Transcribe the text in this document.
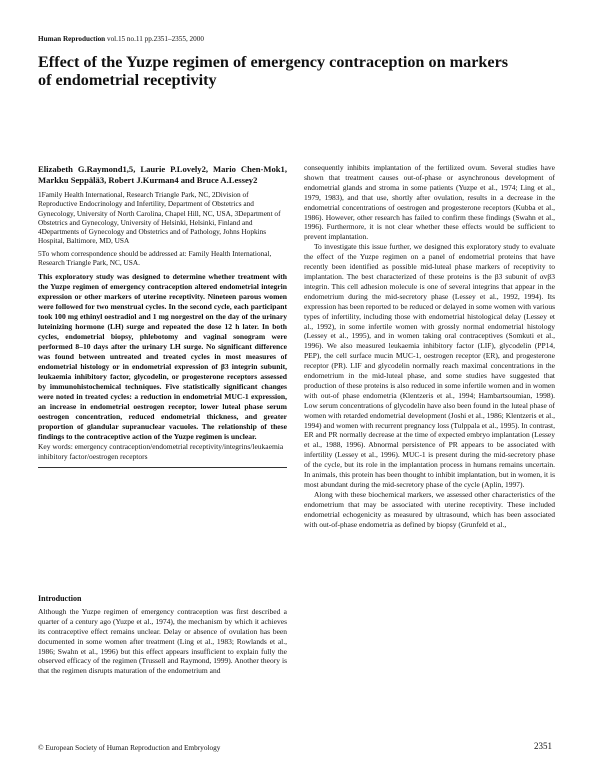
Human Reproduction vol.15 no.11 pp.2351–2355, 2000
Effect of the Yuzpe regimen of emergency contraception on markers of endometrial receptivity
Elizabeth G.Raymond1,5, Laurie P.Lovely2, Mario Chen-Mok1, Markku Seppälä3, Robert J.Kurman4 and Bruce A.Lessey2
1Family Health International, Research Triangle Park, NC, 2Division of Reproductive Endocrinology and Infertility, Department of Obstetrics and Gynecology, University of North Carolina, Chapel Hill, NC, USA, 3Department of Obstetrics and Gynecology, University of Helsinki, Helsinki, Finland and 4Departments of Gynecology and Obstetrics and of Pathology, Johns Hopkins Hospital, Baltimore, MD, USA
5To whom correspondence should be addressed at: Family Health International, Research Triangle Park, NC, USA.
This exploratory study was designed to determine whether treatment with the Yuzpe regimen of emergency contraception altered endometrial integrin expression or other markers of uterine receptivity. Nineteen parous women were followed for two menstrual cycles. In the second cycle, each participant took 100 mg ethinyl oestradiol and 1 mg norgestrel on the day of the urinary luteinizing hormone (LH) surge and repeated the dose 12 h later. In both cycles, endometrial biopsy, phlebotomy and vaginal sonogram were performed 8–10 days after the urinary LH surge. No significant difference was found between untreated and treated cycles in most measures of endometrial histology or in endometrial expression of β3 integrin subunit, leukaemia inhibitory factor, glycodelin, or progesterone receptors assessed by immunohistochemical techniques. Five statistically significant changes were noted in treated cycles: a reduction in endometrial MUC-1 expression, an increase in endometrial oestrogen receptor, lower luteal phase serum oestrogen concentration, reduced endometrial thickness, and greater proportion of glandular supranuclear vacuoles. The relationship of these findings to the contraceptive action of the Yuzpe regimen is unclear.
Key words: emergency contraception/endometrial receptivity/integrins/leukaemia inhibitory factor/oestrogen receptors
Introduction

Although the Yuzpe regimen of emergency contraception was first described a quarter of a century ago (Yuzpe et al., 1974), the mechanism by which it achieves its contraceptive effect remains unclear. Delay or absence of ovulation has been documented in some women after treatment (Ling et al., 1983; Rowlands et al., 1986; Swahn et al., 1996) but this effect appears insufficient to explain fully the observed efficacy of the regimen (Trussell and Raymond, 1999). Another theory is that the regimen disrupts maturation of the endometrium and

consequently inhibits implantation of the fertilized ovum. Several studies have shown that treatment causes out-of-phase or asynchronous development of endometrial glands and stroma in some patients (Yuzpe et al., 1974; Ling et al., 1979, 1983), and that use, shortly after ovulation, results in a decrease in the endometrial concentrations of oestrogen and progesterone receptors (Kubba et al., 1986). However, other research has failed to confirm these findings (Swahn et al., 1996). Furthermore, it is not clear whether these effects would be sufficient to prevent implantation.

To investigate this issue further, we designed this exploratory study to evaluate the effect of the Yuzpe regimen on a panel of endometrial proteins that have recently been identified as possible mid-luteal phase markers of receptivity to implantation. The best characterized of these proteins is the β3 subunit of αvβ3 integrin. This cell adhesion molecule is one of several integrins that appear in the endometrium during the mid-secretory phase (Lessey et al., 1992, 1994). Its expression has been reported to be reduced or delayed in some women with various types of infertility, including those with endometrial histological delay (Lessey et al., 1992), in some infertile women with grossly normal endometrial histology (Lessey et al., 1995), and in women taking oral contraceptives (Somkuti et al., 1996). We also measured leukaemia inhibitory factor (LIF), glycodelin (PP14, PEP), the cell surface mucin MUC-1, oestrogen receptor (ER), and progesterone receptor (PR). LIF and glycodelin normally reach maximal concentrations in the endometrium in the mid-luteal phase, and some studies have suggested that production of these proteins is also reduced in some infertile women and in women with out-of phase endometria (Klentzeris et al., 1994; Hambartsoumian, 1998). Low serum concentrations of glycodelin have also been found in the luteal phase of women with retarded endometrial development (Joshi et al., 1986; Klentzeris et al., 1994) and women with recurrent pregnancy loss (Tulppala et al., 1995). In contrast, ER and PR normally decrease at the time of expected embryo implantation (Lessey et al., 1988, 1996). Abnormal persistence of PR appears to be associated with infertility (Lessey et al., 1996). MUC-1 is present during the mid-secretory phase of the cycle, but its role in the implantation process in humans remains uncertain. In animals, this protein has been thought to inhibit implantation, but in women, it is most abundant during the mid-secretory phase of the cycle (Aplin, 1997).

Along with these biochemical markers, we assessed other characteristics of the endometrium that may be associated with uterine receptivity. These included endometrial echogenicity as measured by ultrasound, which has been associated with out-of-phase endometria as defined by biopsy (Grunfeld et al.,

© European Society of Human Reproduction and Embryology	2351
